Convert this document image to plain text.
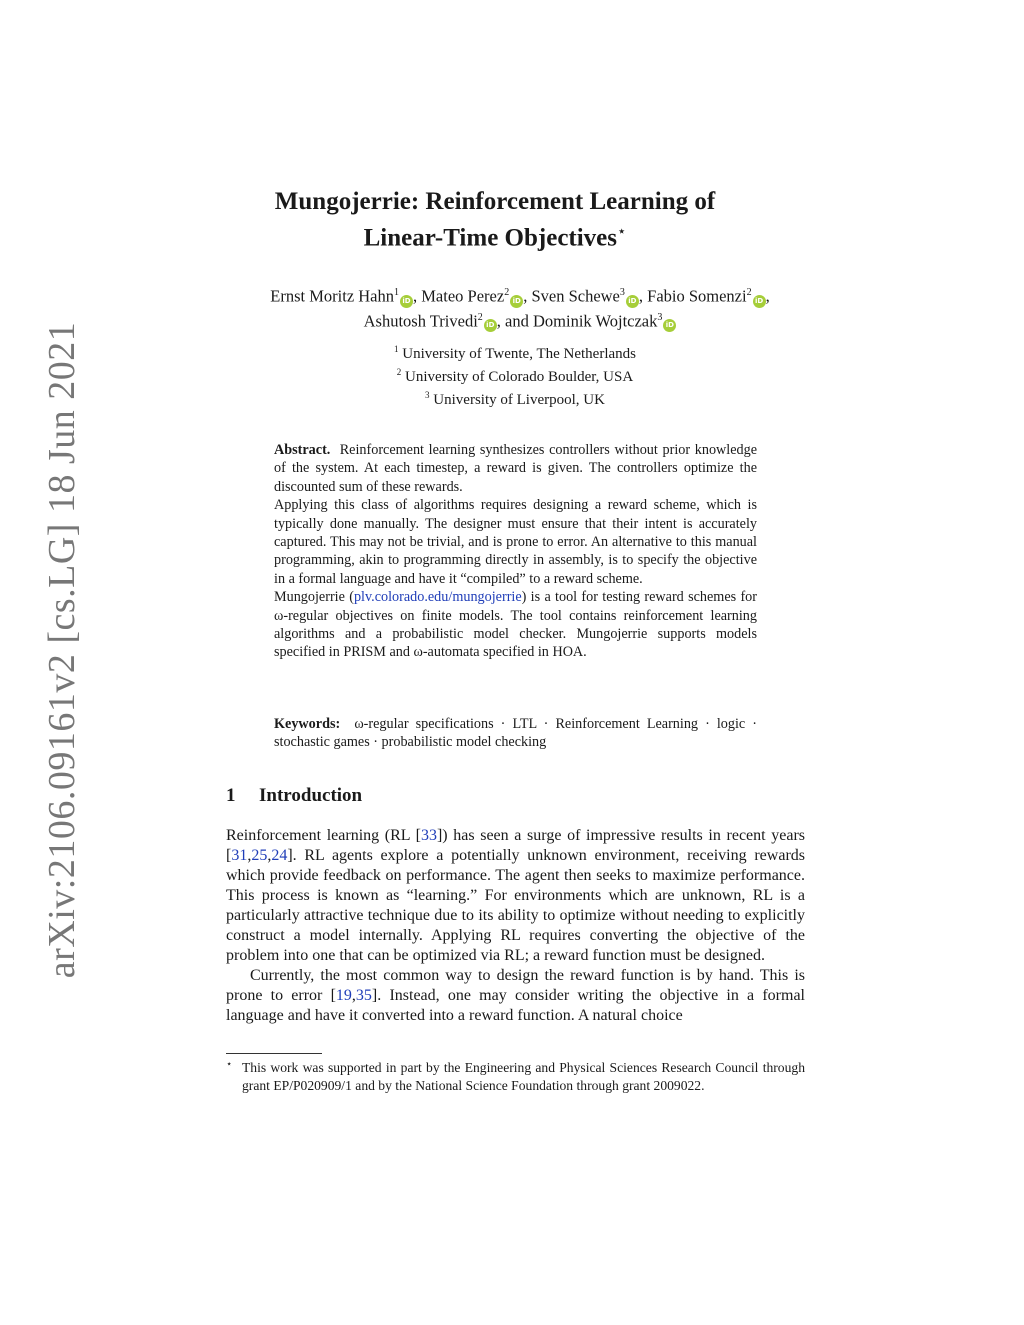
arXiv:2106.09161v2 [cs.LG] 18 Jun 2021
Mungojerrie: Reinforcement Learning of
Linear-Time Objectives⋆
Ernst Moritz Hahn$^1$iD , Mateo Perez$^2$iD , Sven Schewe$^3$iD , Fabio Somenzi$^2$iD ,
Ashutosh Trivedi$^2$iD , and Dominik Wojtczak$^3$iD
$^1$ University of Twente, The Netherlands
$^2$ University of Colorado Boulder, USA
$^3$ University of Liverpool, UK

Abstract. Reinforcement learning synthesizes controllers without prior knowledge of the system. At each timestep, a reward is given. The controllers optimize the discounted sum of these rewards.

Applying this class of algorithms requires designing a reward scheme, which is typically done manually. The designer must ensure that their intent is accurately captured. This may not be trivial, and is prone to error. An alternative to this manual programming, akin to programming directly in assembly, is to specify the objective in a formal language and have it “compiled” to a reward scheme.

Mungojerrie (plv.colorado.edu/mungojerrie) is a tool for testing reward schemes for ω-regular objectives on finite models. The tool contains reinforcement learning algorithms and a probabilistic model checker. Mungojerrie supports models specified in PRISM and ω-automata specified in HOA.

Keywords: ω-regular specifications · LTL · Reinforcement Learning · logic · stochastic games · probabilistic model checking
1 Introduction

Reinforcement learning (RL [33]) has seen a surge of impressive results in recent years [31,25,24]. RL agents explore a potentially unknown environment, receiving rewards which provide feedback on performance. The agent then seeks to maximize performance. This process is known as “learning.” For environments which are unknown, RL is a particularly attractive technique due to its ability to optimize without needing to explicitly construct a model internally. Applying RL requires converting the objective of the problem into one that can be optimized via RL; a reward function must be designed.

Currently, the most common way to design the reward function is by hand. This is prone to error [19,35]. Instead, one may consider writing the objective in a formal language and have it converted into a reward function. A natural choice

⋆ This work was supported in part by the Engineering and Physical Sciences Research Council through grant EP/P020909/1 and by the National Science Foundation through grant 2009022.
